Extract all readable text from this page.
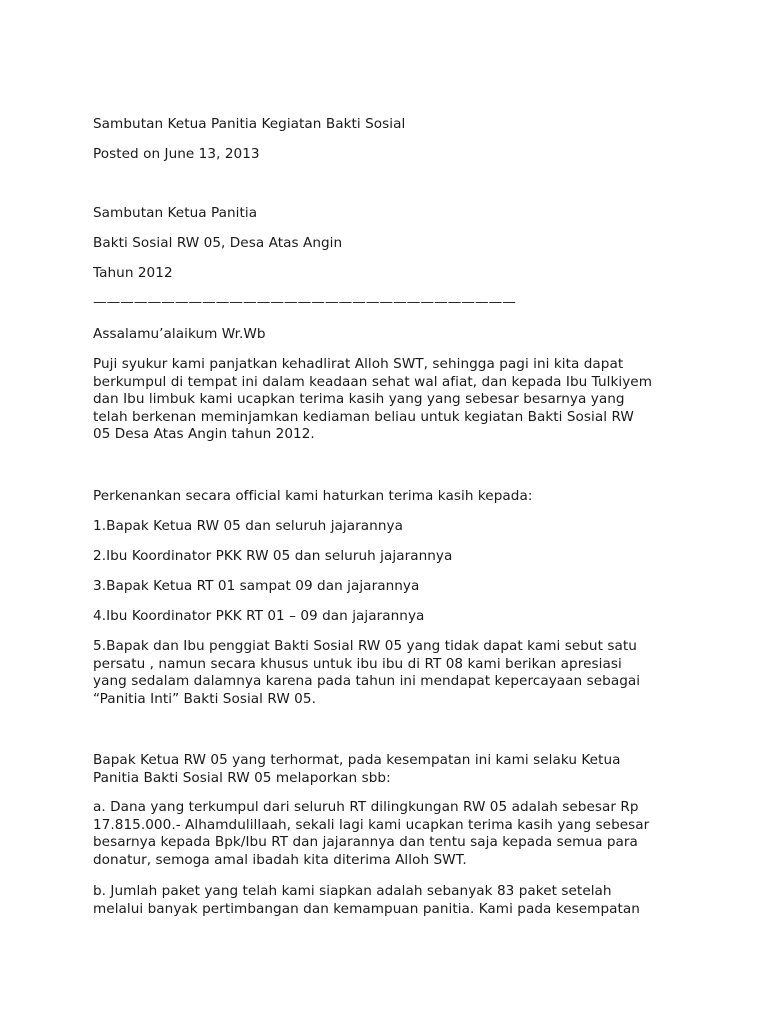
Sambutan Ketua Panitia Kegiatan Bakti Sosial
Posted on June 13, 2013
Sambutan Ketua Panitia
Bakti Sosial RW 05, Desa Atas Angin
Tahun 2012
———————————————————————————————
Assalamu’alaikum Wr.Wb
Puji syukur kami panjatkan kehadlirat Alloh SWT, sehingga pagi ini kita dapat
berkumpul di tempat ini dalam keadaan sehat wal afiat, dan kepada Ibu Tulkiyem
dan Ibu limbuk kami ucapkan terima kasih yang yang sebesar besarnya yang
telah berkenan meminjamkan kediaman beliau untuk kegiatan Bakti Sosial RW
05 Desa Atas Angin tahun 2012.
Perkenankan secara official kami haturkan terima kasih kepada:
1.Bapak Ketua RW 05 dan seluruh jajarannya
2.Ibu Koordinator PKK RW 05 dan seluruh jajarannya
3.Bapak Ketua RT 01 sampat 09 dan jajarannya
4.Ibu Koordinator PKK RT 01 – 09 dan jajarannya
5.Bapak dan Ibu penggiat Bakti Sosial RW 05 yang tidak dapat kami sebut satu
persatu , namun secara khusus untuk ibu ibu di RT 08 kami berikan apresiasi
yang sedalam dalamnya karena pada tahun ini mendapat kepercayaan sebagai
“Panitia Inti” Bakti Sosial RW 05.
Bapak Ketua RW 05 yang terhormat, pada kesempatan ini kami selaku Ketua
Panitia Bakti Sosial RW 05 melaporkan sbb:
a. Dana yang terkumpul dari seluruh RT dilingkungan RW 05 adalah sebesar Rp
17.815.000.- Alhamdulillaah, sekali lagi kami ucapkan terima kasih yang sebesar
besarnya kepada Bpk/Ibu RT dan jajarannya dan tentu saja kepada semua para
donatur, semoga amal ibadah kita diterima Alloh SWT.
b. Jumlah paket yang telah kami siapkan adalah sebanyak 83 paket setelah
melalui banyak pertimbangan dan kemampuan panitia. Kami pada kesempatan
